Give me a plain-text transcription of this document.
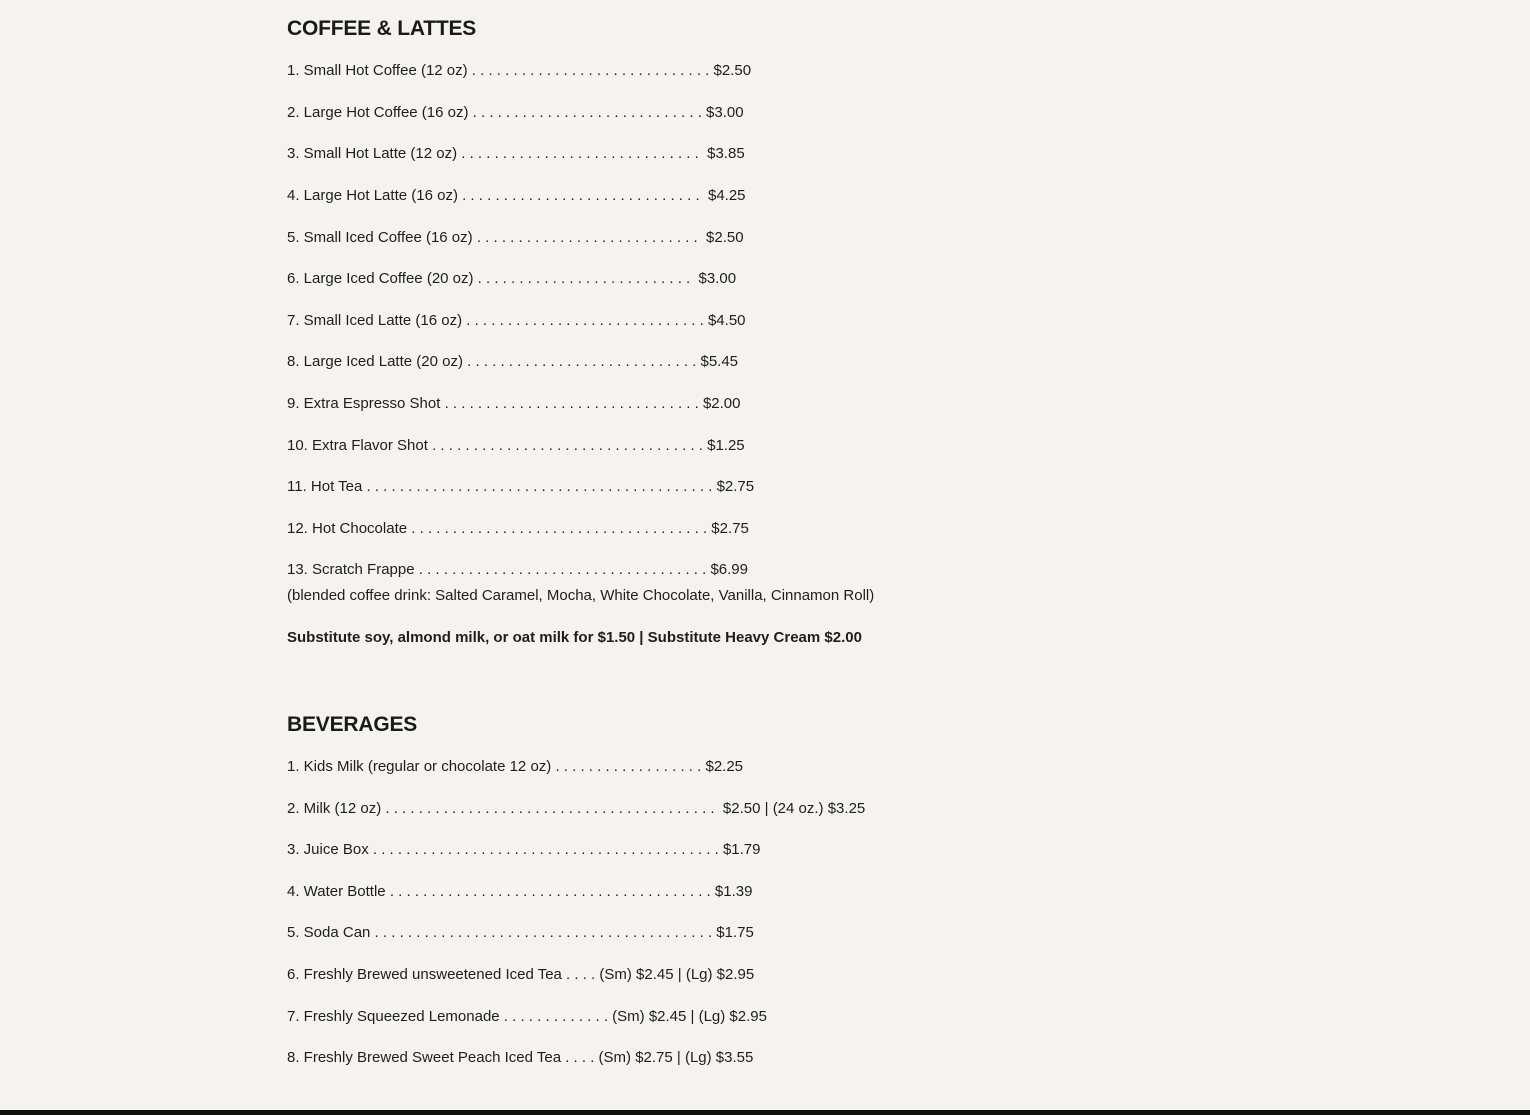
COFFEE & LATTES
1. Small Hot Coffee (12 oz) . . . . . . . . . . . . . . . . . . . . . . . . . . . . . $2.50
2. Large Hot Coffee (16 oz) . . . . . . . . . . . . . . . . . . . . . . . . . . . . $3.00
3. Small Hot Latte (12 oz) . . . . . . . . . . . . . . . . . . . . . . . . . . . . .  $3.85
4. Large Hot Latte (16 oz) . . . . . . . . . . . . . . . . . . . . . . . . . . . . .  $4.25
5. Small Iced Coffee (16 oz) . . . . . . . . . . . . . . . . . . . . . . . . . . .  $2.50
6. Large Iced Coffee (20 oz) . . . . . . . . . . . . . . . . . . . . . . . . . .  $3.00
7. Small Iced Latte (16 oz) . . . . . . . . . . . . . . . . . . . . . . . . . . . . . $4.50
8. Large Iced Latte (20 oz) . . . . . . . . . . . . . . . . . . . . . . . . . . . . $5.45
9. Extra Espresso Shot . . . . . . . . . . . . . . . . . . . . . . . . . . . . . . . $2.00
10. Extra Flavor Shot . . . . . . . . . . . . . . . . . . . . . . . . . . . . . . . . . $1.25
11. Hot Tea . . . . . . . . . . . . . . . . . . . . . . . . . . . . . . . . . . . . . . . . . . $2.75
12. Hot Chocolate . . . . . . . . . . . . . . . . . . . . . . . . . . . . . . . . . . . . $2.75
13. Scratch Frappe . . . . . . . . . . . . . . . . . . . . . . . . . . . . . . . . . . . $6.99
(blended coffee drink: Salted Caramel, Mocha, White Chocolate, Vanilla, Cinnamon Roll)
Substitute soy, almond milk, or oat milk for $1.50 | Substitute Heavy Cream $2.00
BEVERAGES
1. Kids Milk (regular or chocolate 12 oz) . . . . . . . . . . . . . . . . . . $2.25
2. Milk (12 oz) . . . . . . . . . . . . . . . . . . . . . . . . . . . . . . . . . . . . . . . .  $2.50 | (24 oz.) $3.25
3. Juice Box . . . . . . . . . . . . . . . . . . . . . . . . . . . . . . . . . . . . . . . . . . $1.79
4. Water Bottle . . . . . . . . . . . . . . . . . . . . . . . . . . . . . . . . . . . . . . . $1.39
5. Soda Can . . . . . . . . . . . . . . . . . . . . . . . . . . . . . . . . . . . . . . . . . $1.75
6. Freshly Brewed unsweetened Iced Tea . . . . (Sm) $2.45 | (Lg) $2.95
7. Freshly Squeezed Lemonade . . . . . . . . . . . . . (Sm) $2.45 | (Lg) $2.95
8. Freshly Brewed Sweet Peach Iced Tea . . . . (Sm) $2.75 | (Lg) $3.55
